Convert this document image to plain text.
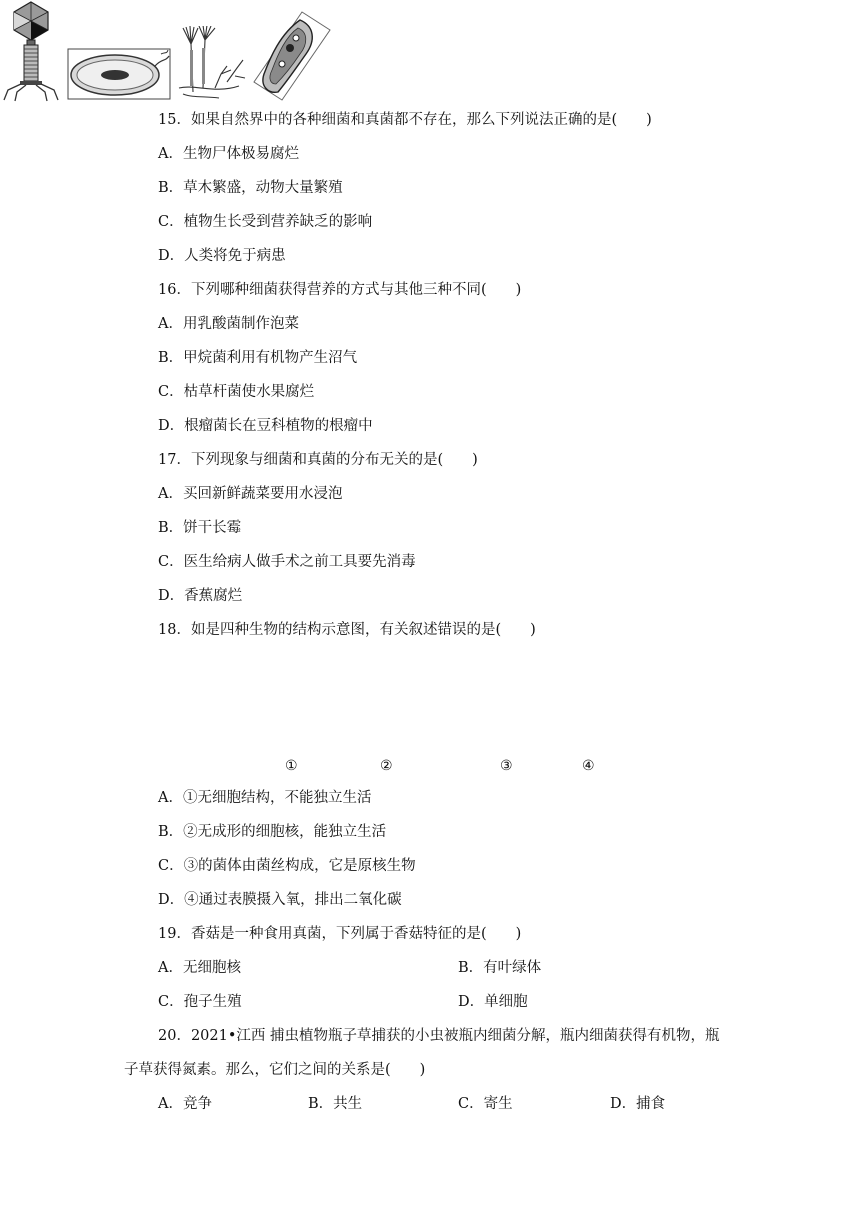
15．如果自然界中的各种细菌和真菌都不存在，那么下列说法正确的是(　　)
A．生物尸体极易腐烂
B．草木繁盛，动物大量繁殖
C．植物生长受到营养缺乏的影响
D．人类将免于病患
16．下列哪种细菌获得营养的方式与其他三种不同(　　)
A．用乳酸菌制作泡菜
B．甲烷菌利用有机物产生沼气
C．枯草杆菌使水果腐烂
D．根瘤菌长在豆科植物的根瘤中
17．下列现象与细菌和真菌的分布无关的是(　　)
A．买回新鲜蔬菜要用水浸泡
B．饼干长霉
C．医生给病人做手术之前工具要先消毒
D．香蕉腐烂
18．如是四种生物的结构示意图，有关叙述错误的是(　　)

①	②	③	④
A．①无细胞结构，不能独立生活
B．②无成形的细胞核，能独立生活
C．③的菌体由菌丝构成，它是原核生物
D．④通过表膜摄入氧，排出二氧化碳
19．香菇是一种食用真菌，下列属于香菇特征的是(　　)
A．无细胞核	B．有叶绿体
C．孢子生殖	D．单细胞
20．2021•江西 捕虫植物瓶子草捕获的小虫被瓶内细菌分解，瓶内细菌获得有机物，瓶
子草获得氮素。那么，它们之间的关系是(　　)
A．竞争	B．共生	C．寄生	D．捕食
